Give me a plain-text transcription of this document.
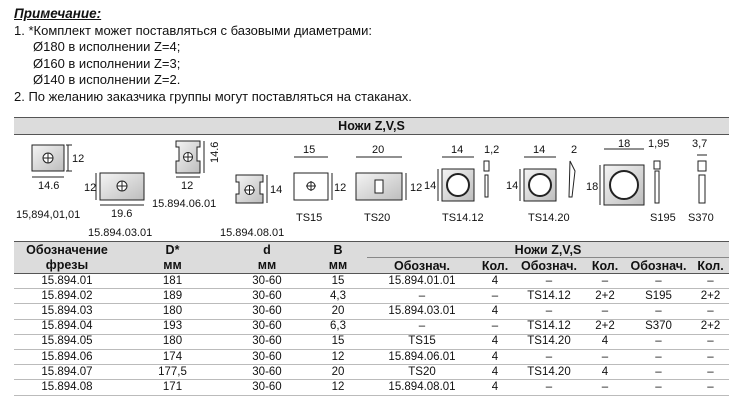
Примечание:
1. *Комплект может поставляться с базовыми диаметрами:
Ø180 в исполнении Z=4;
Ø160 в исполнении Z=3;
Ø140 в исполнении Z=2.
2. По желанию заказчика группы могут поставляться на стаканах.
Ножи Z,V,S
12
14.6
15,894,01,01
12
19.6
15.894.03.01
14.6
12
15.894.06.01
14
15.894.08.01
15
12
TS15
20
12
TS20
14
14
1,2
TS14.12
14
14
2
TS14.20
18
18
1,95
S195
3,7
S370
Обозначение
фрезы
D*
мм
d
мм
B
мм
Ножи Z,V,S
Обознач.	Кол.	Обознач.	Кол. Обознач. Кол.
15.894.01	181	30-60	15	15.894.01.01	4	–	–	–	–
15.894.02	189	30-60	4,3	–	–	TS14.12	2+2	S195	2+2
15.894.03	180	30-60	20	15.894.03.01	4	–	–	–	–
15.894.04	193	30-60	6,3	–	–	TS14.12	2+2	S370	2+2
15.894.05	180	30-60	15	TS15	4	TS14.20	4	–	–
15.894.06	174	30-60	12	15.894.06.01	4	–	–	–	–
15.894.07	177,5	30-60	20	TS20	4	TS14.20	4	–	–
15.894.08	171	30-60	12	15.894.08.01	4	–	–	–	–
